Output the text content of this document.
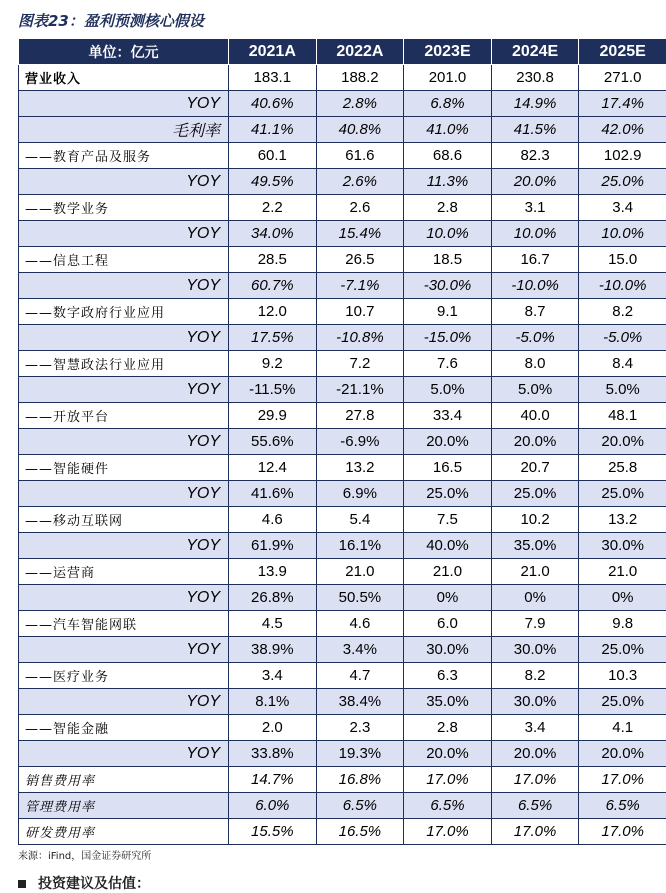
图表23：盈利预测核心假设
单位：亿元	2021A	2022A	2023E	2024E	2025E
营业收入	183.1	188.2	201.0	230.8	271.0
YOY	40.6%	2.8%	6.8%	14.9%	17.4%
毛利率	41.1%	40.8%	41.0%	41.5%	42.0%
——教育产品及服务	60.1	61.6	68.6	82.3	102.9
YOY	49.5%	2.6%	11.3%	20.0%	25.0%
——教学业务	2.2	2.6	2.8	3.1	3.4
YOY	34.0%	15.4%	10.0%	10.0%	10.0%
——信息工程	28.5	26.5	18.5	16.7	15.0
YOY	60.7%	-7.1%	-30.0%	-10.0%	-10.0%
——数字政府行业应用	12.0	10.7	9.1	8.7	8.2
YOY	17.5%	-10.8%	-15.0%	-5.0%	-5.0%
——智慧政法行业应用	9.2	7.2	7.6	8.0	8.4
YOY	-11.5%	-21.1%	5.0%	5.0%	5.0%
——开放平台	29.9	27.8	33.4	40.0	48.1
YOY	55.6%	-6.9%	20.0%	20.0%	20.0%
——智能硬件	12.4	13.2	16.5	20.7	25.8
YOY	41.6%	6.9%	25.0%	25.0%	25.0%
——移动互联网	4.6	5.4	7.5	10.2	13.2
YOY	61.9%	16.1%	40.0%	35.0%	30.0%
——运营商	13.9	21.0	21.0	21.0	21.0
YOY	26.8%	50.5%	0%	0%	0%
——汽车智能网联	4.5	4.6	6.0	7.9	9.8
YOY	38.9%	3.4%	30.0%	30.0%	25.0%
——医疗业务	3.4	4.7	6.3	8.2	10.3
YOY	8.1%	38.4%	35.0%	30.0%	25.0%
——智能金融	2.0	2.3	2.8	3.4	4.1
YOY	33.8%	19.3%	20.0%	20.0%	20.0%
销售费用率	14.7%	16.8%	17.0%	17.0%	17.0%
管理费用率	6.0%	6.5%	6.5%	6.5%	6.5%
研发费用率	15.5%	16.5%	17.0%	17.0%	17.0%
来源：iFind，国金证券研究所
投资建议及估值：
